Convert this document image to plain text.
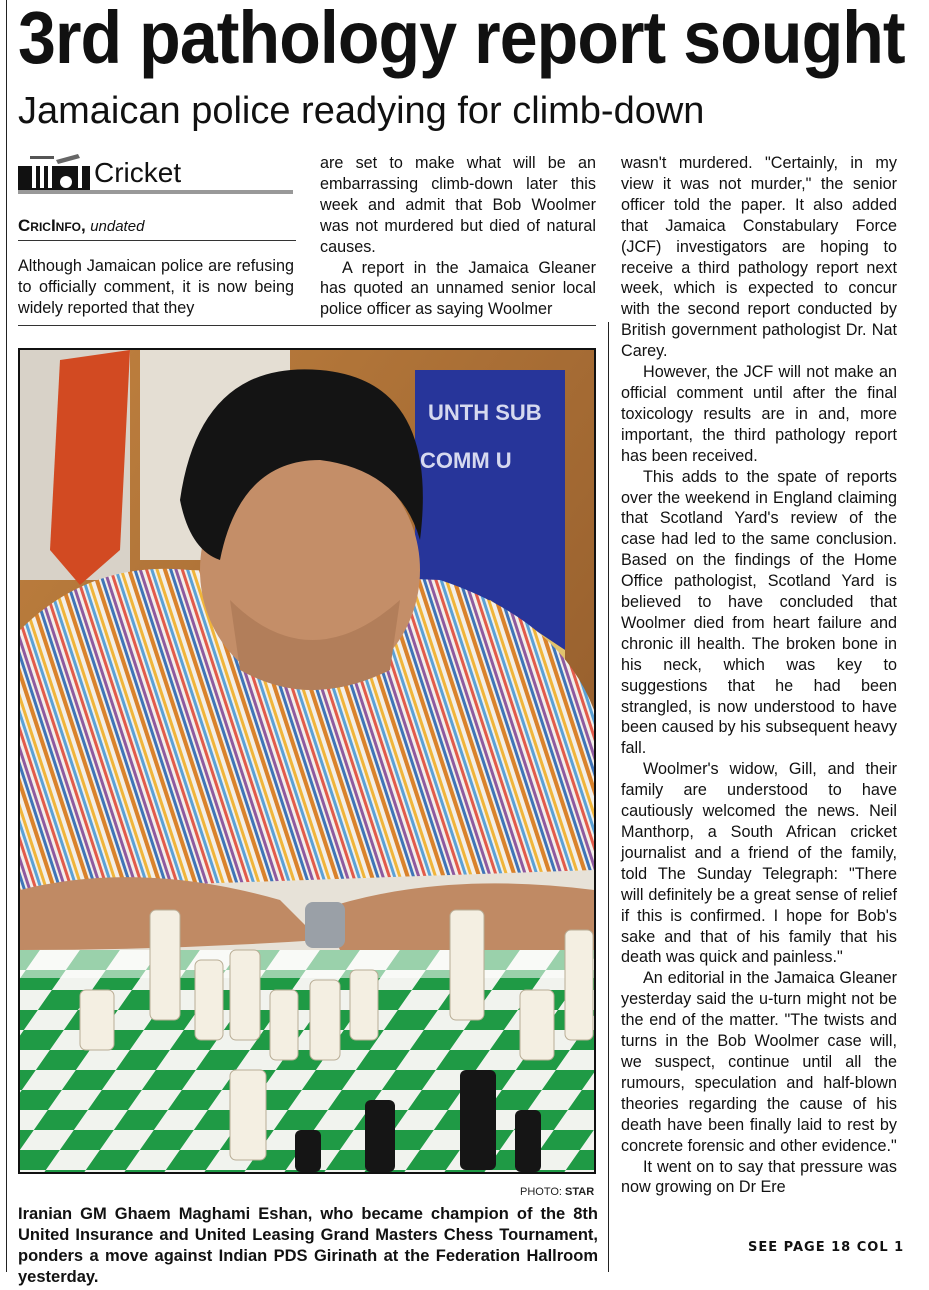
3rd pathology report sought
Jamaican police readying for climb-down
Cricket
CricInfo, undated

Although Jamaican police are refusing to officially comment, it is now being widely reported that they

are set to make what will be an embarrassing climb-down later this week and admit that Bob Woolmer was not murdered but died of natural causes.

A report in the Jamaica Gleaner has quoted an unnamed senior local police officer as saying Woolmer

wasn't murdered. "Certainly, in my view it was not murder," the senior officer told the paper. It also added that Jamaica Constabulary Force (JCF) investigators are hoping to receive a third pathology report next week, which is expected to concur with the second report conducted by British government pathologist Dr. Nat Carey.

However, the JCF will not make an official comment until after the final toxicology results are in and, more important, the third pathology report has been received.

This adds to the spate of reports over the weekend in England claiming that Scotland Yard's review of the case had led to the same conclusion. Based on the findings of the Home Office pathologist, Scotland Yard is believed to have concluded that Woolmer died from heart failure and chronic ill health. The broken bone in his neck, which was key to suggestions that he had been strangled, is now understood to have been caused by his subsequent heavy fall.

Woolmer's widow, Gill, and their family are understood to have cautiously welcomed the news. Neil Manthorp, a South African cricket journalist and a friend of the family, told The Sunday Telegraph: "There will definitely be a great sense of relief if this is confirmed. I hope for Bob's sake and that of his family that his death was quick and painless."

An editorial in the Jamaica Gleaner yesterday said the u-turn might not be the end of the matter. "The twists and turns in the Bob Woolmer case will, we suspect, continue until all the rumours, speculation and half-blown theories regarding the cause of his death have been finally laid to rest by concrete forensic and other evidence."

It went on to say that pressure was now growing on Dr Ere

SEE PAGE 18 COL 1
UNTH SUB
COMM U
PHOTO: STAR
Iranian GM Ghaem Maghami Eshan, who became champion of the 8th United Insurance and United Leasing Grand Masters Chess Tournament, ponders a move against Indian PDS Girinath at the Federation Hallroom yesterday.
